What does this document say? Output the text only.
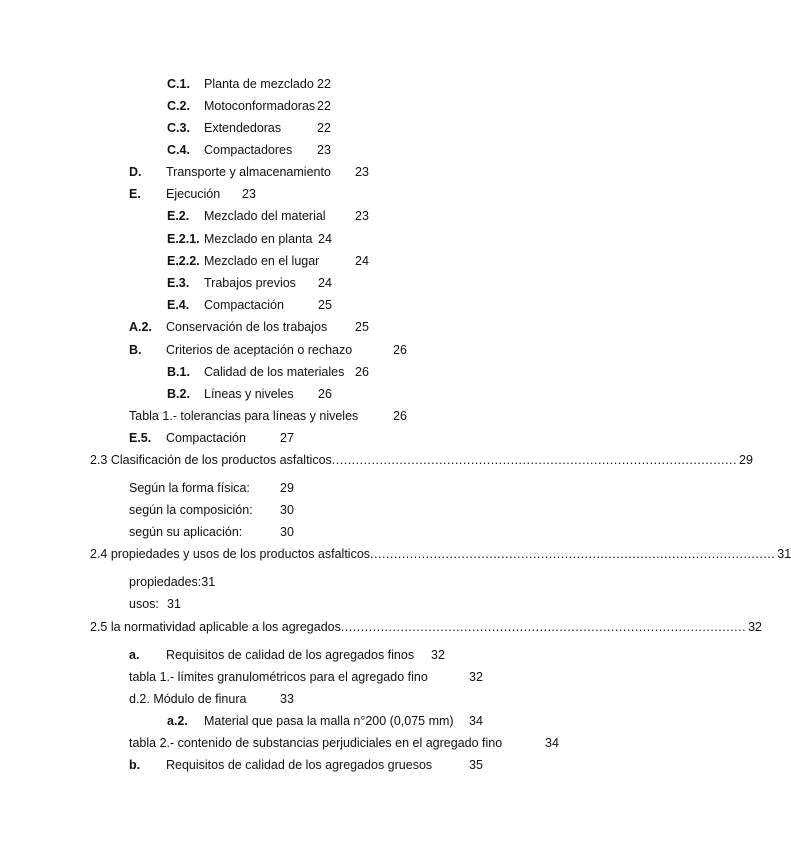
C.1. Planta de mezclado 22
C.2. Motoconformadoras 22
C.3. Extendedoras	22
C.4. Compactadores 23
D. Transporte y almacenamiento 23
E. Ejecución 23
E.2. Mezclado del material 23
E.2.1. Mezclado en planta 24
E.2.2. Mezclado en el lugar	24
E.3. Trabajos previos 24
E.4. Compactación	25
A.2. Conservación de los trabajos 25
B. Criterios de aceptación o rechazo	26
B.1. Calidad de los materiales 26
B.2. Líneas y niveles 26
Tabla 1.- tolerancias para líneas y niveles	26
E.5. Compactación	27
2.3 Clasificación de los productos asfalticos ...................................................................................................... 29
Según la forma física: 29
según la composición: 30
según su aplicación:	30
2.4 propiedades y usos de los productos asfalticos ...................................................................................................... 31
propiedades:31
usos: 31
2.5 la normatividad aplicable a los agregados ...................................................................................................... 32
a. Requisitos de calidad de los agregados finos 32
tabla 1.- límites granulométricos para el agregado fino	32
d.2. Módulo de finura	33
a.2. Material que pasa la malla n°200 (0,075 mm) 34
tabla 2.- contenido de substancias perjudiciales en el agregado fino	34
b. Requisitos de calidad de los agregados gruesos	35
